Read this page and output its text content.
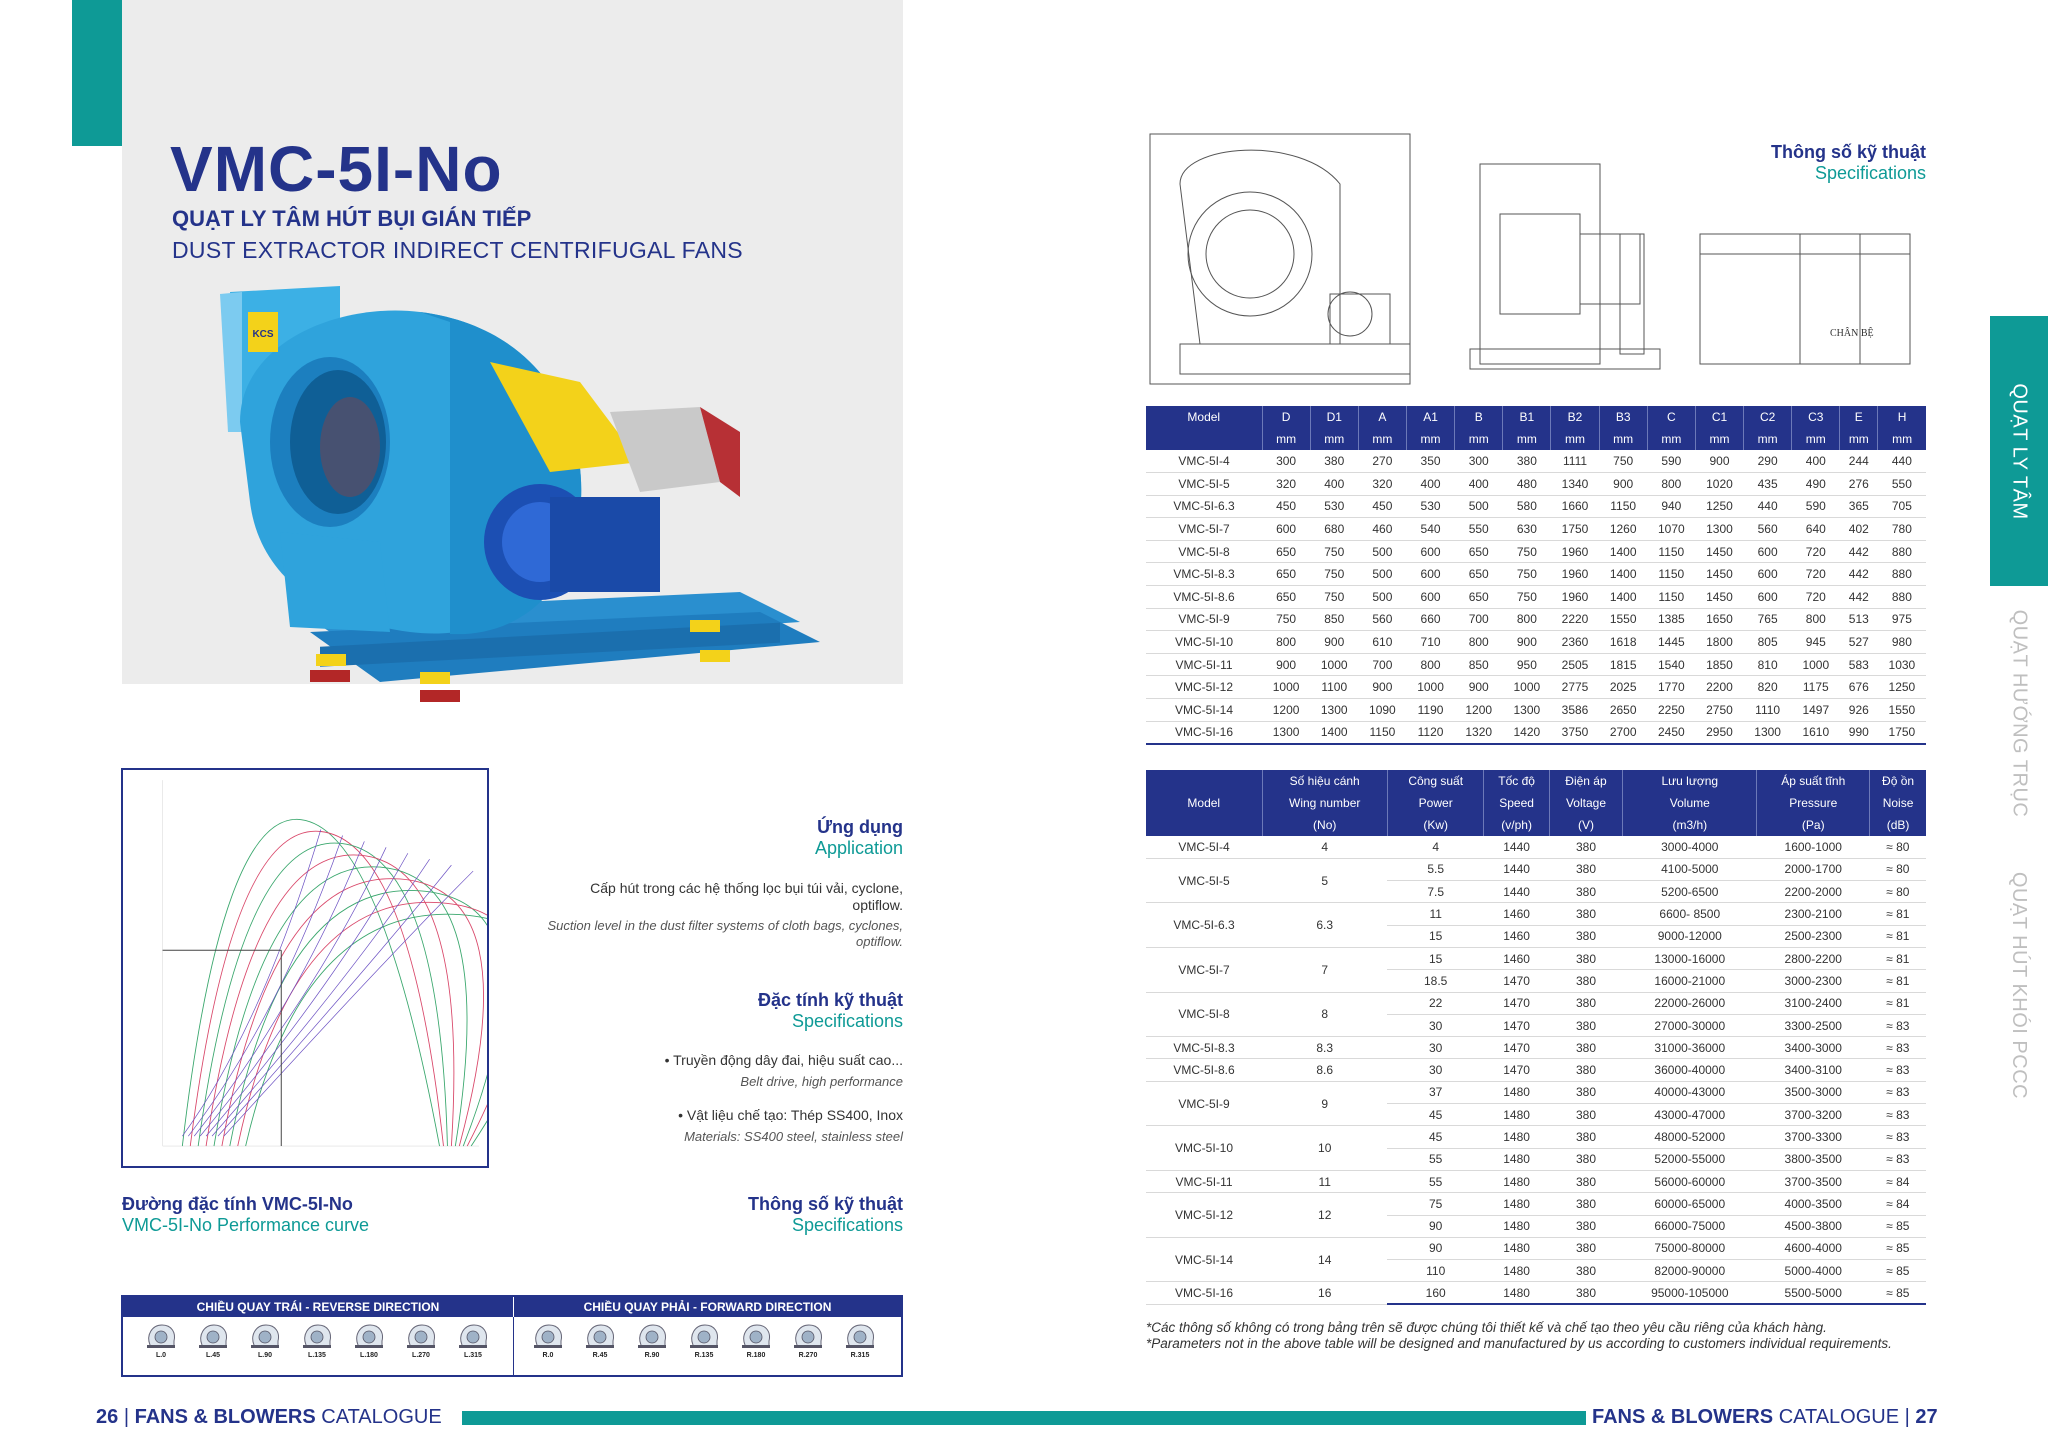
VMC-5I-No
QUẠT LY TÂM HÚT BỤI GIÁN TIẾP
DUST EXTRACTOR INDIRECT CENTRIFUGAL FANS
KCS
Ứng dụng
Application
Cấp hút trong các hệ thống lọc bụi túi vải, cyclone, optiflow.
Suction level in the dust filter systems of cloth bags, cyclones, optiflow.
Đặc tính kỹ thuật
Specifications
• Truyền động dây đai, hiệu suất cao...
Belt drive, high performance
• Vật liệu chế tạo: Thép SS400, Inox
Materials: SS400 steel, stainless steel
Đường đặc tính VMC-5I-No
VMC-5I-No Performance curve
Thông số kỹ thuật
Specifications
CHIỀU QUAY TRÁI - REVERSE DIRECTION	CHIỀU QUAY PHẢI - FORWARD DIRECTION
L.0	L.45	L.90	L.135	L.180	L.270	L.315	R.0	R.45	R.90	R.135	R.180	R.270	R.315
Thông số kỹ thuật
Specifications
CHÂN BỆ
Model	D	D1	A	A1	B	B1	B2	B3	C	C1	C2	C3	E	H
	mm	mm	mm	mm	mm	mm	mm	mm	mm	mm	mm	mm	mm	mm
VMC-5I-4	300	380	270	350	300	380	1111	750	590	900	290	400	244	440
VMC-5I-5	320	400	320	400	400	480	1340	900	800	1020	435	490	276	550
VMC-5I-6.3	450	530	450	530	500	580	1660	1150	940	1250	440	590	365	705
VMC-5I-7	600	680	460	540	550	630	1750	1260	1070	1300	560	640	402	780
VMC-5I-8	650	750	500	600	650	750	1960	1400	1150	1450	600	720	442	880
VMC-5I-8.3	650	750	500	600	650	750	1960	1400	1150	1450	600	720	442	880
VMC-5I-8.6	650	750	500	600	650	750	1960	1400	1150	1450	600	720	442	880
VMC-5I-9	750	850	560	660	700	800	2220	1550	1385	1650	765	800	513	975
VMC-5I-10	800	900	610	710	800	900	2360	1618	1445	1800	805	945	527	980
VMC-5I-11	900	1000	700	800	850	950	2505	1815	1540	1850	810	1000	583	1030
VMC-5I-12	1000	1100	900	1000	900	1000	2775	2025	1770	2200	820	1175	676	1250
VMC-5I-14	1200	1300	1090	1190	1200	1300	3586	2650	2250	2750	1110	1497	926	1550
VMC-5I-16	1300	1400	1150	1120	1320	1420	3750	2700	2450	2950	1300	1610	990	1750
Model	Số hiệu cánh	Công suất	Tốc độ	Điện áp	Lưu lượng	Áp suất tĩnh	Độ ồn
	Wing number	Power	Speed	Voltage	Volume	Pressure	Noise
	(No)	(Kw)	(v/ph)	(V)	(m3/h)	(Pa)	(dB)
VMC-5I-4	4	4	1440	380	3000-4000	1600-1000	≈ 80
VMC-5I-5	5	5.5	1440	380	4100-5000	2000-1700	≈ 80
		7.5	1440	380	5200-6500	2200-2000	≈ 80
VMC-5I-6.3	6.3	11	1460	380	6600- 8500	2300-2100	≈ 81
		15	1460	380	9000-12000	2500-2300	≈ 81
VMC-5I-7	7	15	1460	380	13000-16000	2800-2200	≈ 81
		18.5	1470	380	16000-21000	3000-2300	≈ 81
VMC-5I-8	8	22	1470	380	22000-26000	3100-2400	≈ 81
		30	1470	380	27000-30000	3300-2500	≈ 83
VMC-5I-8.3	8.3	30	1470	380	31000-36000	3400-3000	≈ 83
VMC-5I-8.6	8.6	30	1470	380	36000-40000	3400-3100	≈ 83
VMC-5I-9	9	37	1480	380	40000-43000	3500-3000	≈ 83
		45	1480	380	43000-47000	3700-3200	≈ 83
VMC-5I-10	10	45	1480	380	48000-52000	3700-3300	≈ 83
		55	1480	380	52000-55000	3800-3500	≈ 83
VMC-5I-11	11	55	1480	380	56000-60000	3700-3500	≈ 84
VMC-5I-12	12	75	1480	380	60000-65000	4000-3500	≈ 84
		90	1480	380	66000-75000	4500-3800	≈ 85
VMC-5I-14	14	90	1480	380	75000-80000	4600-4000	≈ 85
		110	1480	380	82000-90000	5000-4000	≈ 85
VMC-5I-16	16	160	1480	380	95000-105000	5500-5000	≈ 85
*Các thông số không có trong bảng trên sẽ được chúng tôi thiết kế và chế tạo theo yêu cầu riêng của khách hàng.
*Parameters not in the above table will be designed and manufactured by us according to customers individual requirements.
QUẠT LY TÂM
QUẠT HƯỚNG TRỤC
QUẠT HÚT KHÓI PCCC
26 | FANS & BLOWERS CATALOGUE	FANS & BLOWERS CATALOGUE | 27
